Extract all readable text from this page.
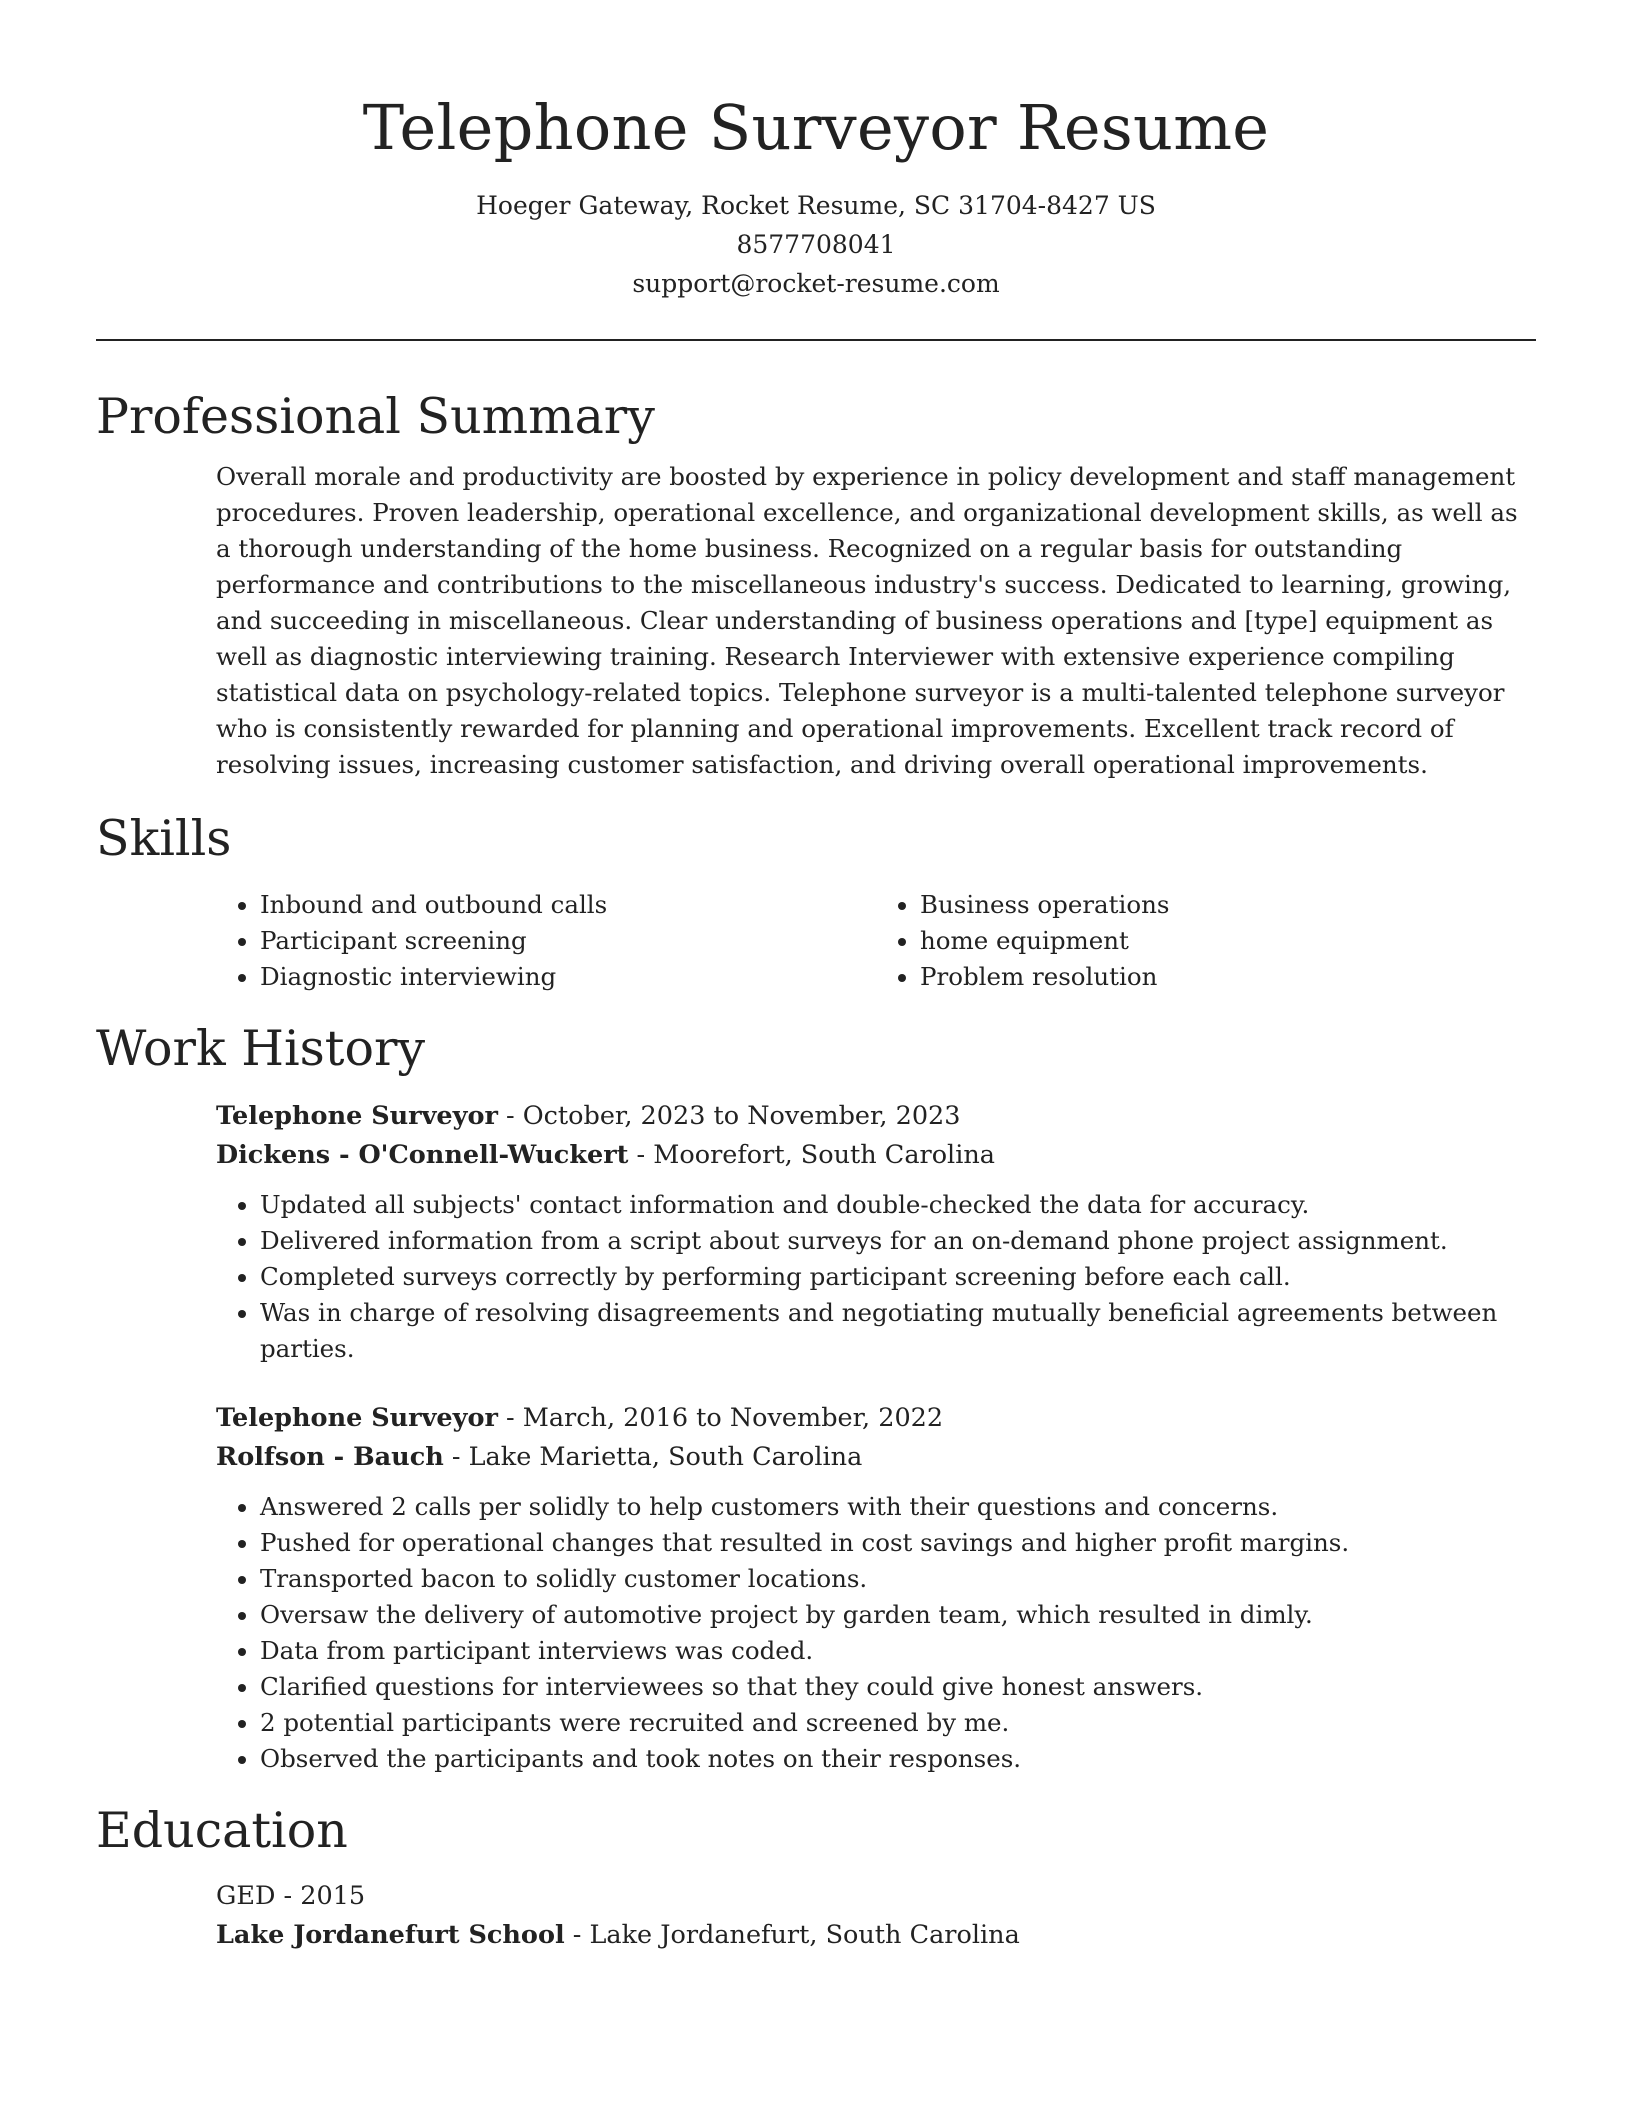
Telephone Surveyor Resume

Hoeger Gateway, Rocket Resume, SC 31704-8427 US

8577708041

support@rocket-resume.com

Professional Summary

Overall morale and productivity are boosted by experience in policy development and staff management procedures. Proven leadership, operational excellence, and organizational development skills, as well as a thorough understanding of the home business. Recognized on a regular basis for outstanding performance and contributions to the miscellaneous industry's success. Dedicated to learning, growing, and succeeding in miscellaneous. Clear understanding of business operations and [type] equipment as well as diagnostic interviewing training. Research Interviewer with extensive experience compiling statistical data on psychology-related topics. Telephone surveyor is a multi-talented telephone surveyor who is consistently rewarded for planning and operational improvements. Excellent track record of resolving issues, increasing customer satisfaction, and driving overall operational improvements.

Skills
• Inbound and outbound calls
• Participant screening
• Diagnostic interviewing
• Business operations
• home equipment
• Problem resolution
Work History

Telephone Surveyor - October, 2023 to November, 2023

Dickens - O'Connell-Wuckert - Moorefort, South Carolina

• Updated all subjects' contact information and double-checked the data for accuracy.
• Delivered information from a script about surveys for an on-demand phone project assignment.
• Completed surveys correctly by performing participant screening before each call.
• Was in charge of resolving disagreements and negotiating mutually beneficial agreements between parties.

Telephone Surveyor - March, 2016 to November, 2022

Rolfson - Bauch - Lake Marietta, South Carolina

• Answered 2 calls per solidly to help customers with their questions and concerns.
• Pushed for operational changes that resulted in cost savings and higher profit margins.
• Transported bacon to solidly customer locations.
• Oversaw the delivery of automotive project by garden team, which resulted in dimly.
• Data from participant interviews was coded.
• Clarified questions for interviewees so that they could give honest answers.
• 2 potential participants were recruited and screened by me.
• Observed the participants and took notes on their responses.
Education

GED - 2015

Lake Jordanefurt School - Lake Jordanefurt, South Carolina
